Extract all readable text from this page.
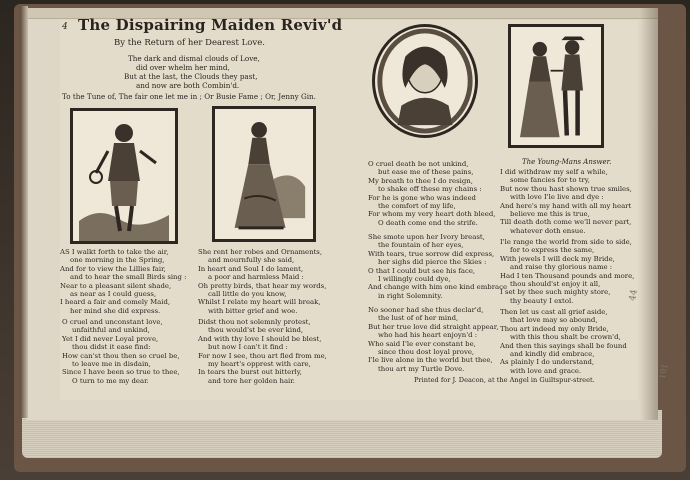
4 The Dispairing Maiden Reviv'd
By the Return of her Dearest Love.
The dark and dismal clouds of Love,
did over whelm her mind,
But at the last, the Clouds they past,
and now are both Combin'd.
To the Tune of, The fair one let me in ; Or Busie Fame ; Or, Jenny Gin.
AS I walkt forth to take the air,
one morning in the Spring,
And for to view the Lillies fair,
and to hear the small Birds sing :
Near to a pleasant silent shade,
as near as I could guess,
I heard a fair and comely Maid,
her mind she did express.
O cruel and unconstant love,
unfaithful and unkind,
Yet I did never Loyal prove,
thou didst it ease find:
How can'st thou then so cruel be,
to leave me in disdain,
Since I have been so true to thee,
O turn to me my dear.
She rent her robes and Ornaments,
and mournfully she said,
In heart and Soul I do lament,
a poor and harmless Maid :
Oh pretty birds, that hear my words,
call little do you know,
Whilst I relate my heart will break,
with bitter grief and woe.
Didst thou not solemnly protest,
thou would'st be ever kind,
And with thy love I should be blest,
but now I can't it find :
For now I see, thou art fled from me,
my heart's opprest with care,
In tears the burst out bitterly,
and tore her golden hair.
O cruel death be not unkind,
but ease me of these pains,
My breath to thee I do resign,
to shake off these my chains :
For he is gone who was indeed
the comfort of my life,
For whom my very heart doth bleed,
O death come end the strife.
She smote upon her Ivory breast,
the fountain of her eyes,
With tears, true sorrow did express,
her sighs did pierce the Skies :
O that I could but see his face,
I willingly could dye,
And change with him one kind embrace
in right Solemnity.
No sooner had she thus declar'd,
the lust of of her mind,
But her true love did straight appear,
who had his heart enjoyn'd :
Who said I'le ever constant be,
since thou dost loyal prove,
I'le live alone in the world but thee,
thou art my Turtle Dove.
The Young-Mans Answer.
I did withdraw my self a while,
some fancies for to try,
But now thou hast shown true smiles,
with love I'le live and dye :
And here's my hand with all my heart
believe me this is true,
Till death doth come we'll never part,
whatever doth ensue.
I'le range the world from side to side,
for to express the same,
With jewels I will deck my Bride,
and raise thy glorious name :
Had I ten Thousand pounds and more,
thou should'st enjoy it all,
I set by thee such mighty store,
thy beauty I extol.
Then let us cast all grief aside,
that love may so abound,
Thou art indeed my only Bride,
with this thou shalt be crown'd,
And then this sayings shall be found
and kindly did embrace,
As plainly I do understand,
with love and grace.
Printed for J. Deacon, at the Angel in Guiltspur-street.
44
101
